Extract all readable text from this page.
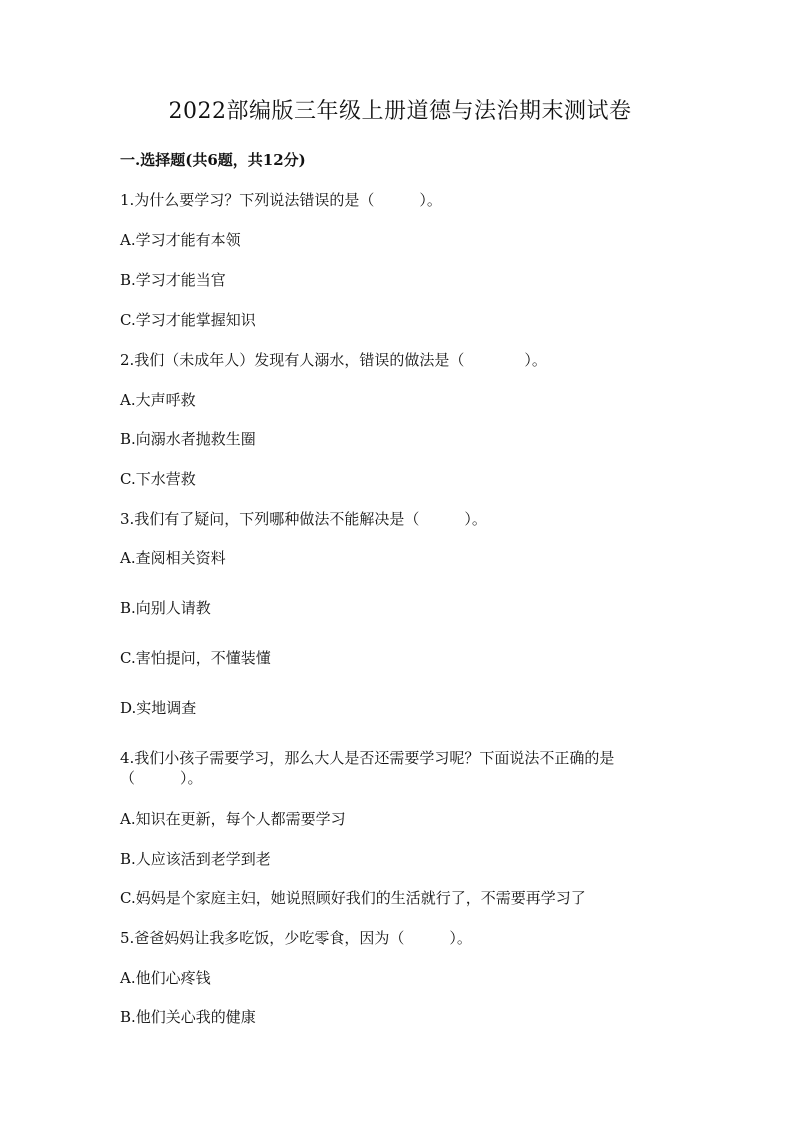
2022部编版三年级上册道德与法治期末测试卷

一.选择题(共6题，共12分)

1.为什么要学习？下列说法错误的是（　　　）。

A.学习才能有本领

B.学习才能当官

C.学习才能掌握知识

2.我们（未成年人）发现有人溺水，错误的做法是（　　　　）。

A.大声呼救

B.向溺水者抛救生圈

C.下水营救

3.我们有了疑问，下列哪种做法不能解决是（　　　）。

A.查阅相关资料

B.向别人请教

C.害怕提问，不懂装懂

D.实地调查

4.我们小孩子需要学习，那么大人是否还需要学习呢？下面说法不正确的是

（　　　）。

A.知识在更新，每个人都需要学习

B.人应该活到老学到老

C.妈妈是个家庭主妇，她说照顾好我们的生活就行了，不需要再学习了

5.爸爸妈妈让我多吃饭，少吃零食，因为（　　　）。

A.他们心疼钱

B.他们关心我的健康
